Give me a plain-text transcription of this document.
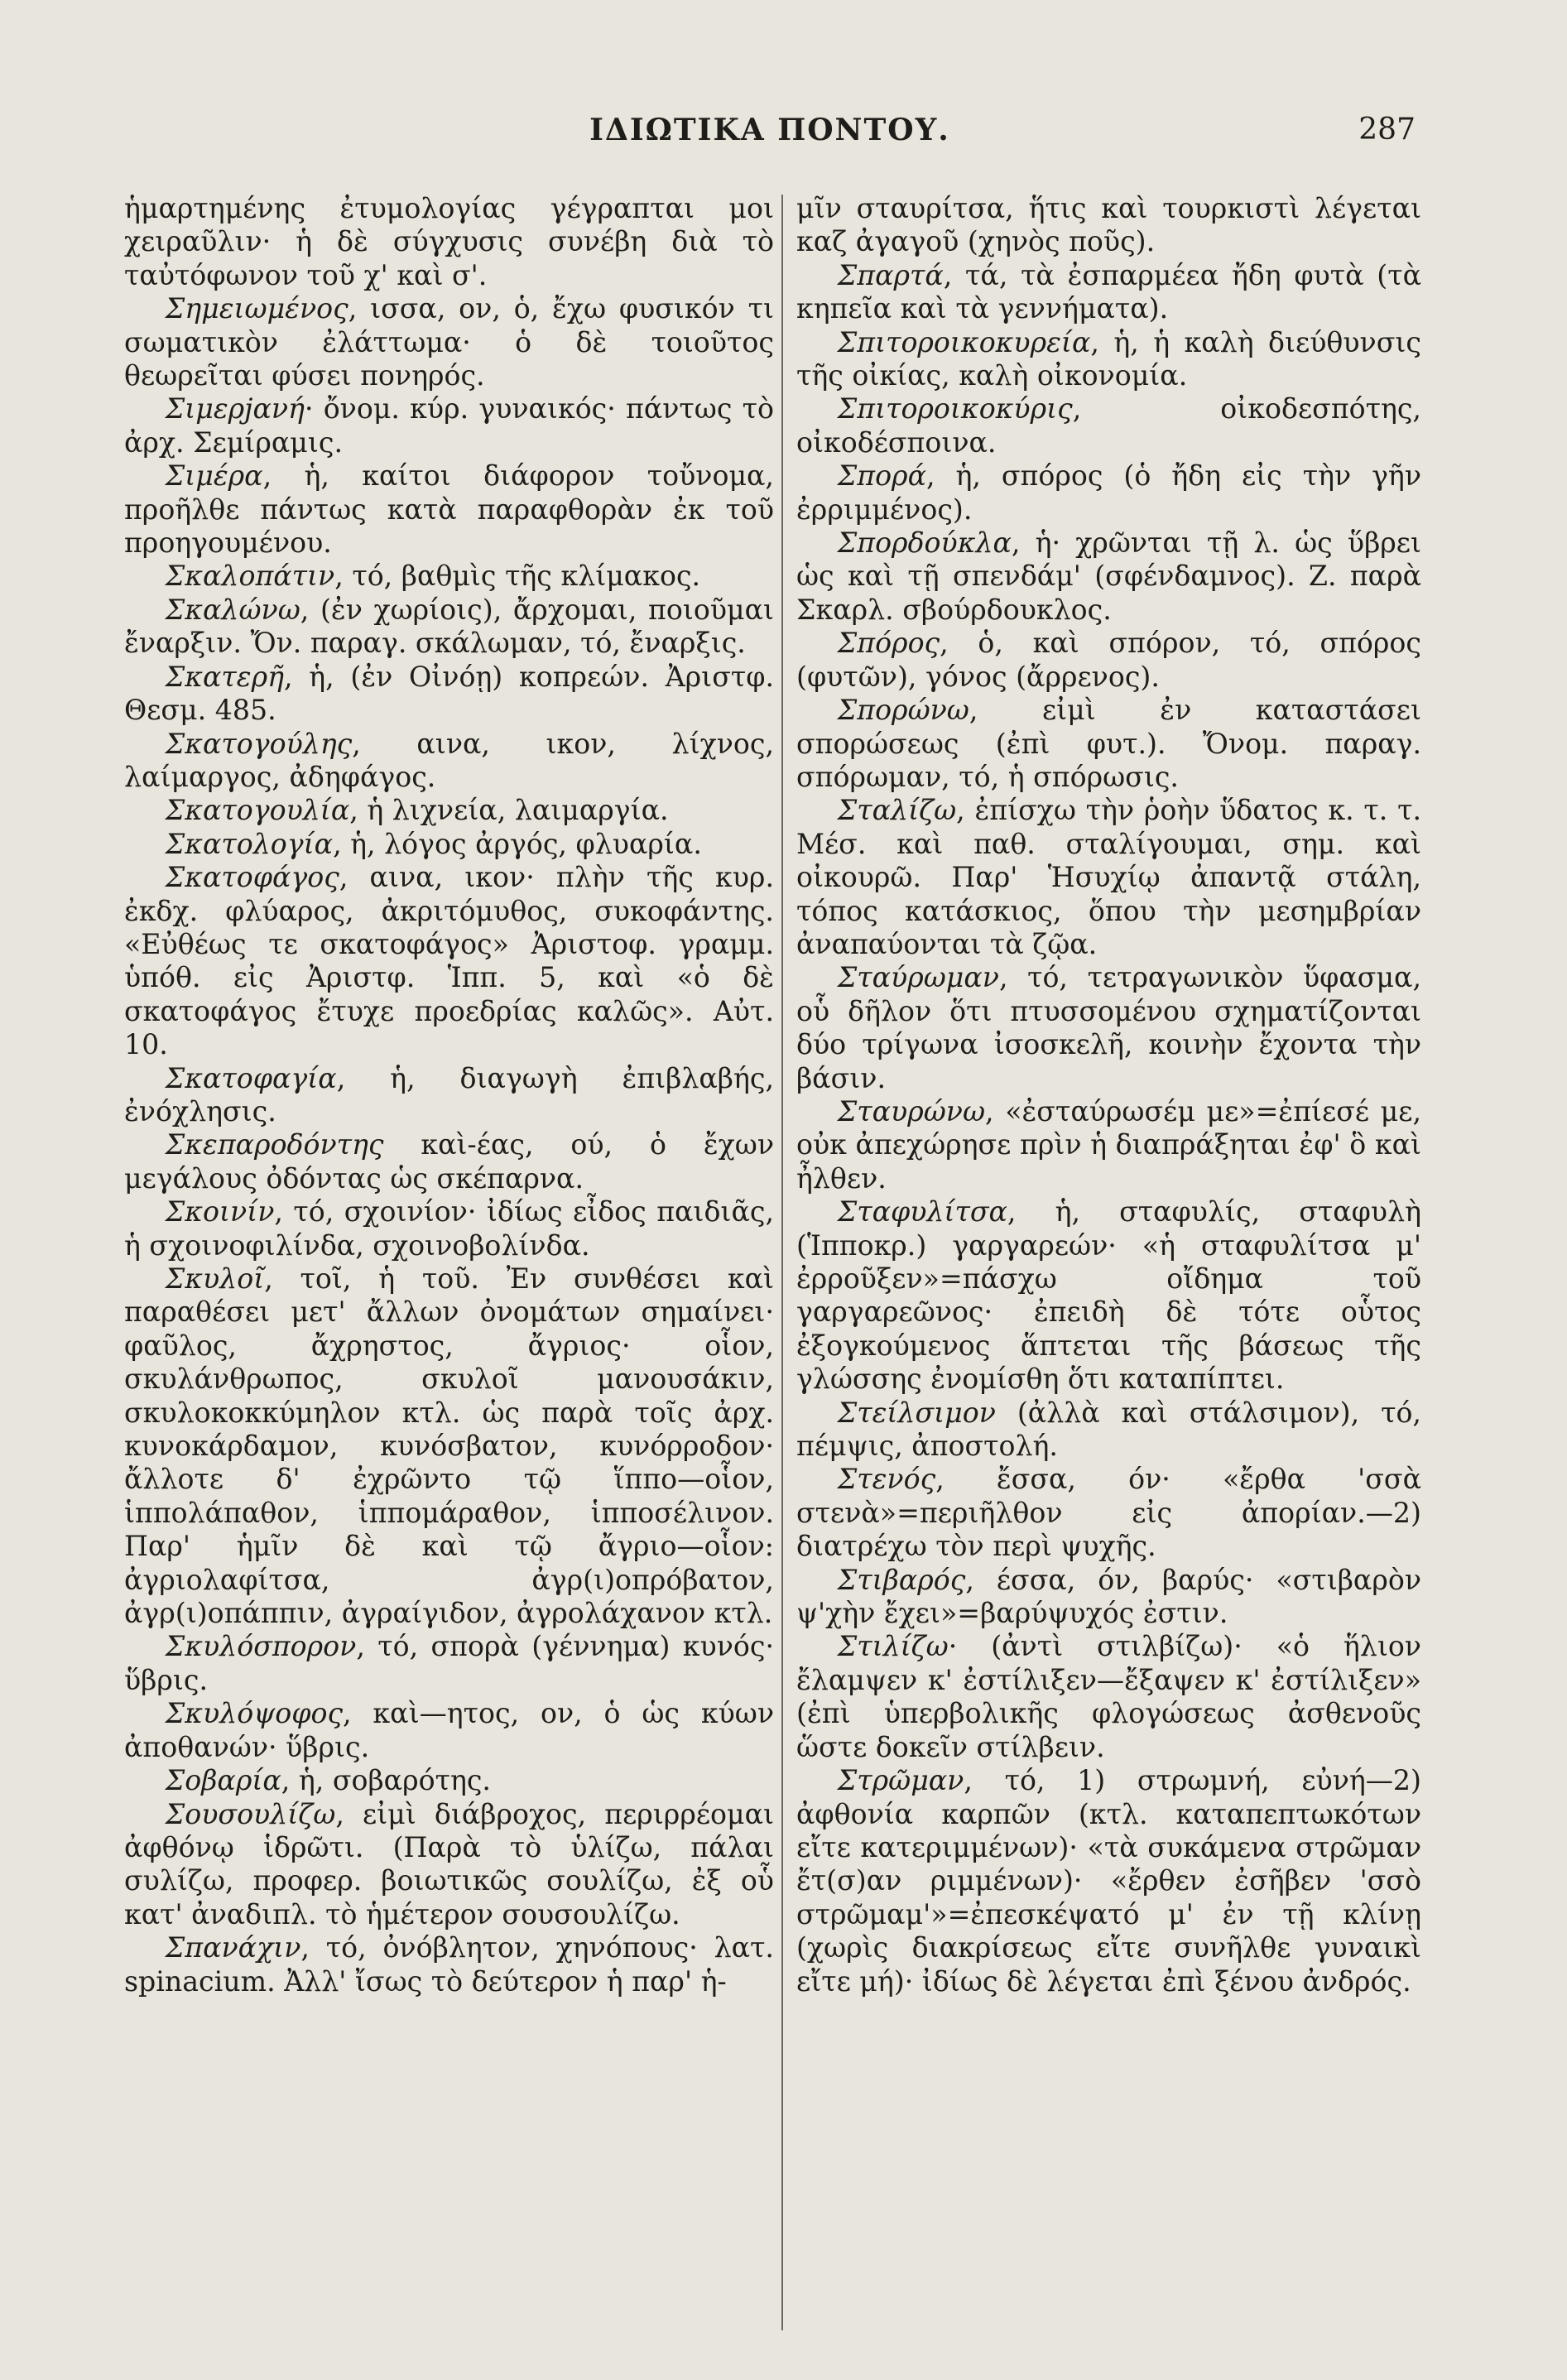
ΙΔΙΩΤΙΚΑ ΠΟΝΤΟΥ.	287

ἡμαρτημένης ἐτυμολογίας γέγραπται μοι χειραῦλιν· ἡ δὲ σύγχυσις συνέβη διὰ τὸ ταὐτόφωνον τοῦ χ' καὶ σ'.

Σημειωμένος, ισσα, ον, ὁ, ἔχω φυσικόν τι σωματικὸν ἐλάττωμα· ὁ δὲ τοιοῦτος θεωρεῖται φύσει πονηρός.

Σιμερjανή· ὄνομ. κύρ. γυναικός· πάντως τὸ ἀρχ. Σεμίραμις.

Σιμέρα, ἡ, καίτοι διάφορον τοὔνομα, προῆλθε πάντως κατὰ παραφθορὰν ἐκ τοῦ προηγουμένου.

Σκαλοπάτιν, τό, βαθμὶς τῆς κλίμακος.

Σκαλώνω, (ἐν χωρίοις), ἄρχομαι, ποιοῦμαι ἔναρξιν. Ὄν. παραγ. σκάλωμαν, τό, ἔναρξις.

Σκατερῆ, ἡ, (ἐν Οἰνόῃ) κοπρεών. Ἀριστφ. Θεσμ. 485.

Σκατογούλης, αινα, ικον, λίχνος, λαίμαργος, ἀδηφάγος.

Σκατογουλία, ἡ λιχνεία, λαιμαργία.

Σκατολογία, ἡ, λόγος ἀργός, φλυαρία.

Σκατοφάγος, αινα, ικον· πλὴν τῆς κυρ. ἐκδχ. φλύαρος, ἀκριτόμυθος, συκοφάντης. «Εὐθέως τε σκατοφάγος» Ἀριστοφ. γραμμ. ὑπόθ. εἰς Ἀριστφ. Ἱππ. 5, καὶ «ὁ δὲ σκατοφάγος ἔτυχε προεδρίας καλῶς». Αὐτ. 10.

Σκατοφαγία, ἡ, διαγωγὴ ἐπιβλαβής, ἐνόχλησις.

Σκεπαροδόντης καὶ-έας, ού, ὁ ἔχων μεγάλους ὀδόντας ὡς σκέπαρνα.

Σκοινίν, τό, σχοινίον· ἰδίως εἶδος παιδιᾶς, ἡ σχοινοφιλίνδα, σχοινοβολίνδα.

Σκυλοῖ, τοῖ, ἡ τοῦ. Ἐν συνθέσει καὶ παραθέσει μετ' ἄλλων ὀνομάτων σημαίνει· φαῦλος, ἄχρηστος, ἄγριος· οἷον, σκυλάνθρωπος, σκυλοῖ μανουσάκιν, σκυλοκοκκύμηλον κτλ. ὡς παρὰ τοῖς ἀρχ. κυνοκάρδαμον, κυνόσβατον, κυνόρροδον· ἄλλοτε δ' ἐχρῶντο τῷ ἵππο—οἷον, ἱππολάπαθον, ἱππομάραθον, ἱπποσέλινον. Παρ' ἡμῖν δὲ καὶ τῷ ἄγριο—οἷον: ἀγριολαφίτσα, ἀγρ(ι)οπρόβατον, ἀγρ(ι)οπάππιν, ἀγραίγιδον, ἀγρολάχανον κτλ.

Σκυλόσπορον, τό, σπορὰ (γέννημα) κυνός· ὕβρις.

Σκυλόψοφος, καὶ—ητος, ον, ὁ ὡς κύων ἀποθανών· ὕβρις.

Σοβαρία, ἡ, σοβαρότης.

Σουσουλίζω, εἰμὶ διάβροχος, περιρρέομαι ἀφθόνῳ ἱδρῶτι. (Παρὰ τὸ ὑλίζω, πάλαι συλίζω, προφερ. βοιωτικῶς σουλίζω, ἐξ οὗ κατ' ἀναδιπλ. τὸ ἡμέτερον σουσουλίζω.

Σπανάχιν, τό, ὀνόβλητον, χηνόπους· λατ. spinacium. Ἀλλ' ἴσως τὸ δεύτερον ἡ παρ' ἡ-

μῖν σταυρίτσα, ἥτις καὶ τουρκιστὶ λέγεται καζ ἀγαγοῦ (χηνὸς ποῦς).

Σπαρτά, τά, τὰ ἐσπαρμέεα ἤδη φυτὰ (τὰ κηπεῖα καὶ τὰ γεννήματα).

Σπιτοροικοκυρεία, ἡ, ἡ καλὴ διεύθυνσις τῆς οἰκίας, καλὴ οἰκονομία.

Σπιτοροικοκύρις, οἰκοδεσπότης, οἰκοδέσποινα.

Σπορά, ἡ, σπόρος (ὁ ἤδη εἰς τὴν γῆν ἐρριμμένος).

Σπορδούκλα, ἡ· χρῶνται τῇ λ. ὡς ὕβρει ὡς καὶ τῇ σπενδάμ' (σφένδαμνος). Ζ. παρὰ Σκαρλ. σβούρδουκλος.

Σπόρος, ὁ, καὶ σπόρον, τό, σπόρος (φυτῶν), γόνος (ἄρρενος).

Σπορώνω, εἰμὶ ἐν καταστάσει σπορώσεως (ἐπὶ φυτ.). Ὄνομ. παραγ. σπόρωμαν, τό, ἡ σπόρωσις.

Σταλίζω, ἐπίσχω τὴν ῥοὴν ὕδατος κ. τ. τ. Μέσ. καὶ παθ. σταλίγουμαι, σημ. καὶ οἰκουρῶ. Παρ' Ἡσυχίῳ ἀπαντᾷ στάλη, τόπος κατάσκιος, ὅπου τὴν μεσημβρίαν ἀναπαύονται τὰ ζῷα.

Σταύρωμαν, τό, τετραγωνικὸν ὕφασμα, οὗ δῆλον ὅτι πτυσσομένου σχηματίζονται δύο τρίγωνα ἰσοσκελῆ, κοινὴν ἔχοντα τὴν βάσιν.

Σταυρώνω, «ἐσταύρωσέμ με»=ἐπίεσέ με, οὐκ ἀπεχώρησε πρὶν ἡ διαπράξηται ἐφ' ὃ καὶ ἦλθεν.

Σταφυλίτσα, ἡ, σταφυλίς, σταφυλὴ (Ἱπποκρ.) γαργαρεών· «ἡ σταφυλίτσα μ' ἐρροῦξεν»=πάσχω οἴδημα τοῦ γαργαρεῶνος· ἐπειδὴ δὲ τότε οὗτος ἐξογκούμενος ἅπτεται τῆς βάσεως τῆς γλώσσης ἐνομίσθη ὅτι καταπίπτει.

Στείλσιμον (ἀλλὰ καὶ στάλσιμον), τό, πέμψις, ἀποστολή.

Στενός, ἔσσα, όν· «ἔρθα 'σσὰ στενὰ»=περιῆλθον εἰς ἀπορίαν.—2) διατρέχω τὸν περὶ ψυχῆς.

Στιβαρός, έσσα, όν, βαρύς· «στιβαρὸν ψ'χὴν ἔχει»=βαρύψυχός ἐστιν.

Στιλίζω· (ἀντὶ στιλβίζω)· «ὁ ἥλιον ἔλαμψεν κ' ἐστίλιξεν—ἔξαψεν κ' ἐστίλιξεν» (ἐπὶ ὑπερβολικῆς φλογώσεως ἀσθενοῦς ὥστε δοκεῖν στίλβειν.

Στρῶμαν, τό, 1) στρωμνή, εὐνή—2) ἀφθονία καρπῶν (κτλ. καταπεπτωκότων εἴτε κατεριμμένων)· «τὰ συκάμενα στρῶμαν ἔτ(σ)αν ριμμένων)· «ἔρθεν ἐσῆβεν 'σσὸ στρῶμαμ'»=ἐπεσκέψατό μ' ἐν τῇ κλίνῃ (χωρὶς διακρίσεως εἴτε συνῆλθε γυναικὶ εἴτε μή)· ἰδίως δὲ λέγεται ἐπὶ ξένου ἀνδρός.
